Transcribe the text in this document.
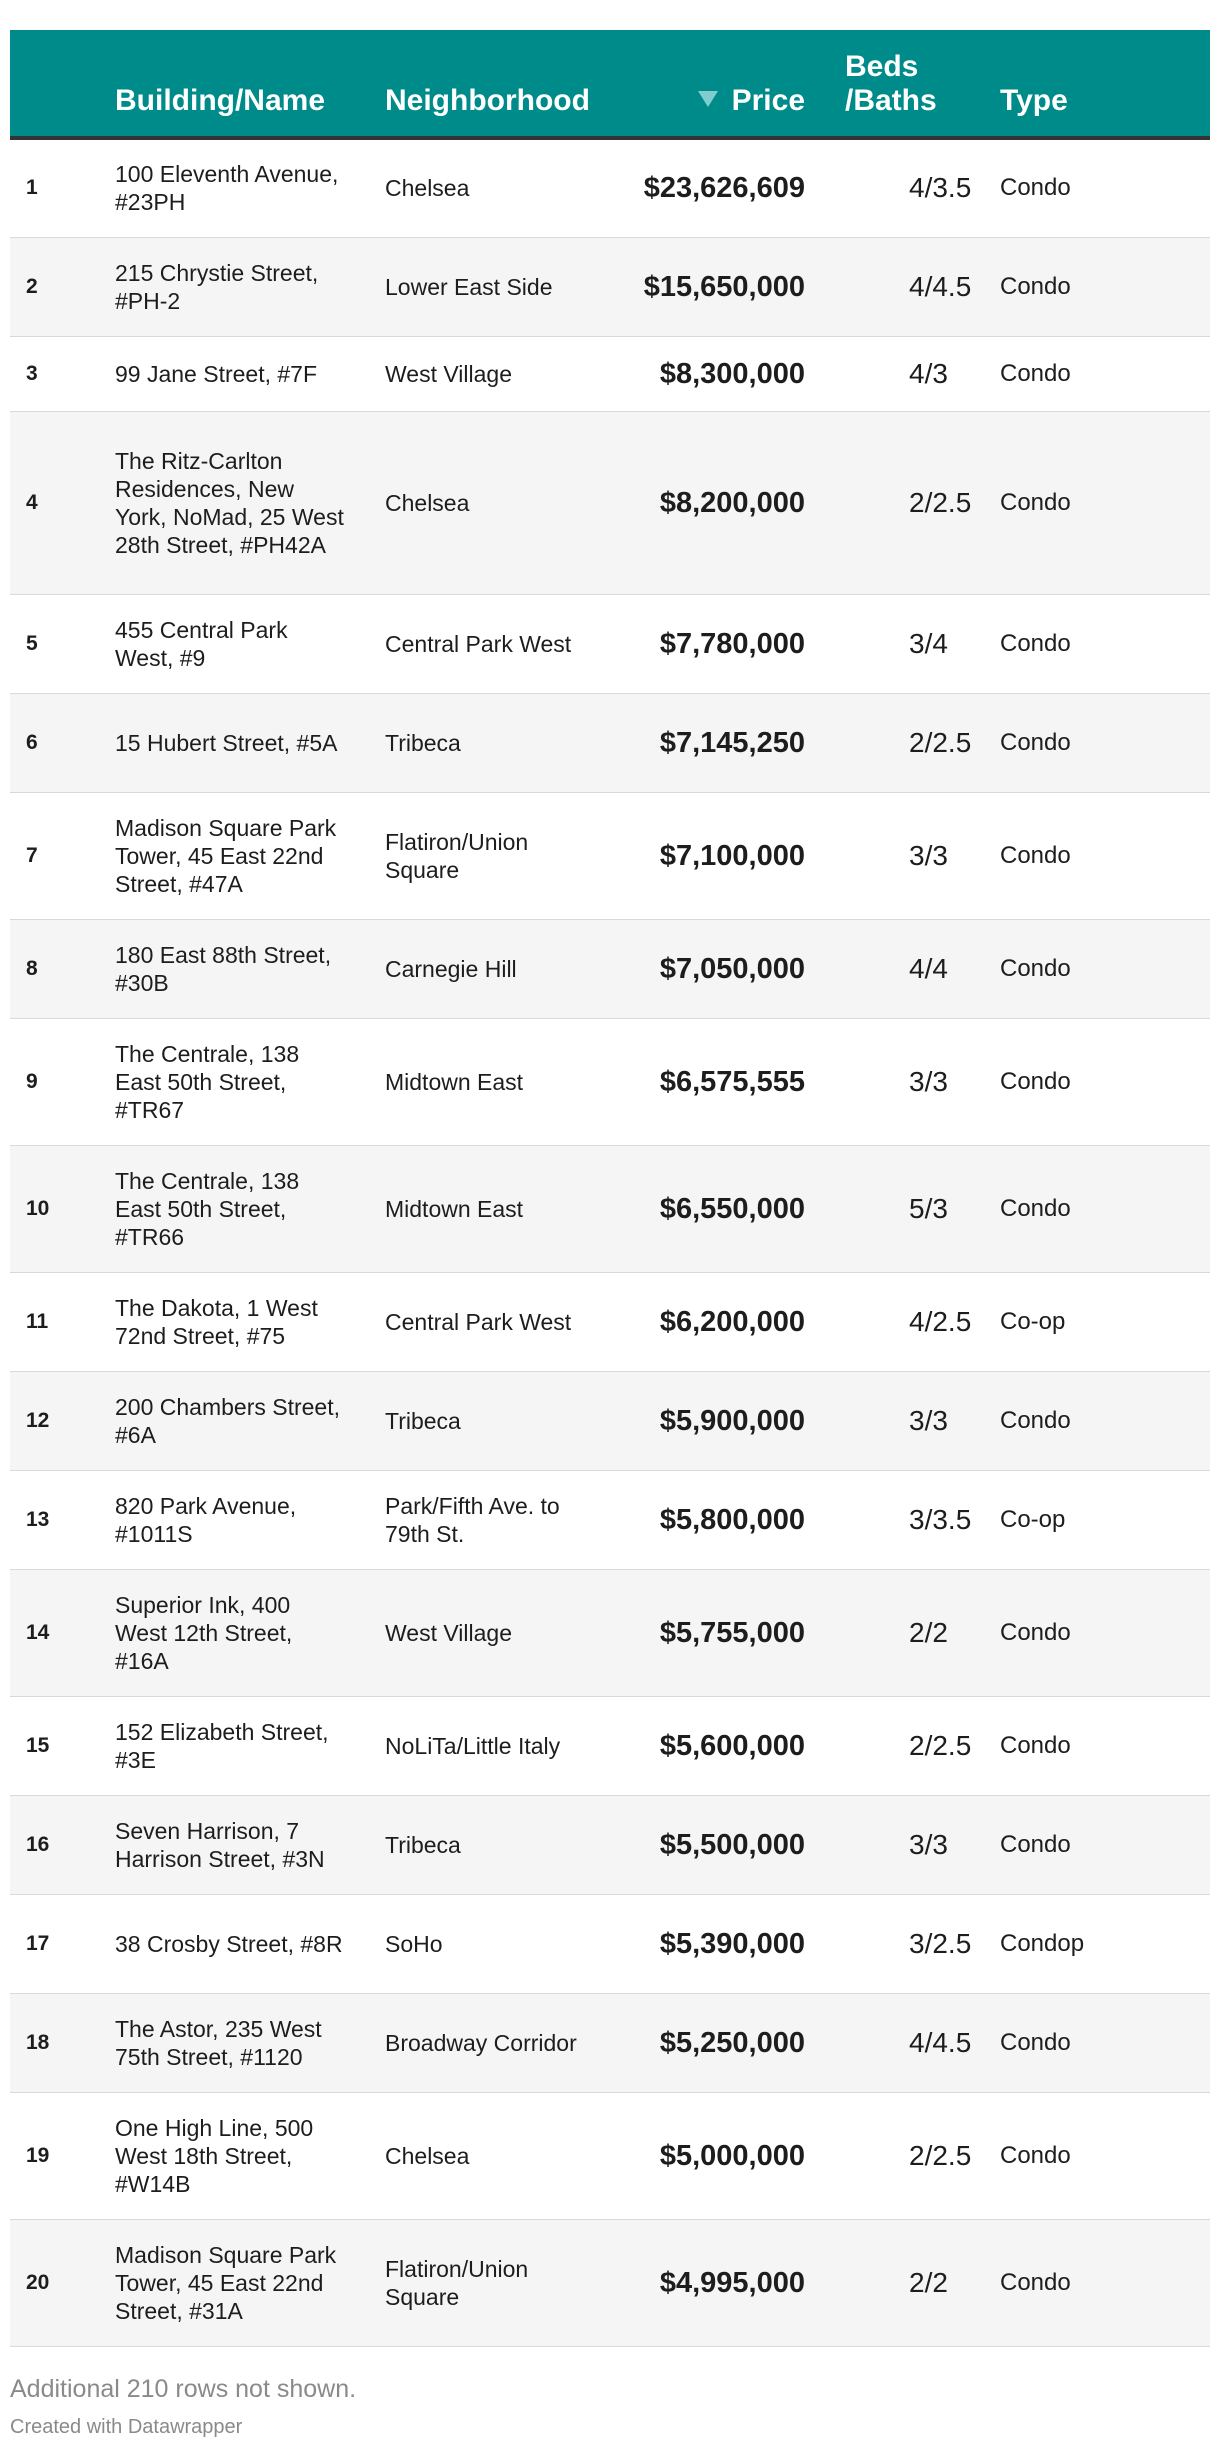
	Building/Name	Neighborhood	Price	Beds /Baths	Type
1	100 Eleventh Avenue, #23PH	Chelsea	$23,626,609	4/3.5	Condo
2	215 Chrystie Street, #PH-2	Lower East Side	$15,650,000	4/4.5	Condo
3	99 Jane Street, #7F	West Village	$8,300,000	4/3	Condo
4	The Ritz-Carlton Residences, New York, NoMad, 25 West 28th Street, #PH42A	Chelsea	$8,200,000	2/2.5	Condo
5	455 Central Park West, #9	Central Park West	$7,780,000	3/4	Condo
6	15 Hubert Street, #5A	Tribeca	$7,145,250	2/2.5	Condo
7	Madison Square Park Tower, 45 East 22nd Street, #47A	Flatiron/Union Square	$7,100,000	3/3	Condo
8	180 East 88th Street, #30B	Carnegie Hill	$7,050,000	4/4	Condo
9	The Centrale, 138 East 50th Street, #TR67	Midtown East	$6,575,555	3/3	Condo
10	The Centrale, 138 East 50th Street, #TR66	Midtown East	$6,550,000	5/3	Condo
11	The Dakota, 1 West 72nd Street, #75	Central Park West	$6,200,000	4/2.5	Co-op
12	200 Chambers Street, #6A	Tribeca	$5,900,000	3/3	Condo
13	820 Park Avenue, #1011S	Park/Fifth Ave. to 79th St.	$5,800,000	3/3.5	Co-op
14	Superior Ink, 400 West 12th Street, #16A	West Village	$5,755,000	2/2	Condo
15	152 Elizabeth Street, #3E	NoLiTa/Little Italy	$5,600,000	2/2.5	Condo
16	Seven Harrison, 7 Harrison Street, #3N	Tribeca	$5,500,000	3/3	Condo
17	38 Crosby Street, #8R	SoHo	$5,390,000	3/2.5	Condop
18	The Astor, 235 West 75th Street, #1120	Broadway Corridor	$5,250,000	4/4.5	Condo
19	One High Line, 500 West 18th Street, #W14B	Chelsea	$5,000,000	2/2.5	Condo
20	Madison Square Park Tower, 45 East 22nd Street, #31A	Flatiron/Union Square	$4,995,000	2/2	Condo
Additional 210 rows not shown.
Created with Datawrapper
